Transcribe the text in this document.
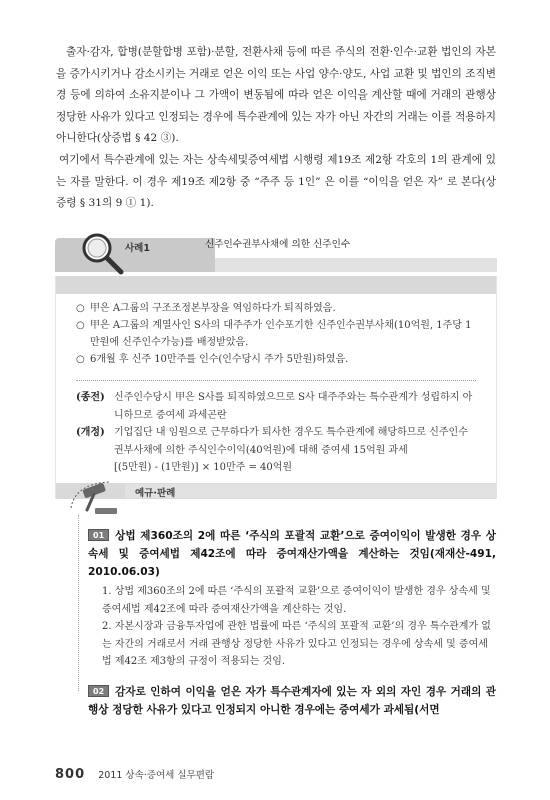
출자·감자, 합병(분할합병 포함)·분할, 전환사채 등에 따른 주식의 전환·인수·교환 법인의 자본을 증가시키거나 감소시키는 거래로 얻은 이익 또는 사업 양수·양도, 사업 교환 및 법인의 조직변경 등에 의하여 소유지분이나 그 가액이 변동됨에 따라 얻은 이익을 계산할 때에 거래의 관행상 정당한 사유가 있다고 인정되는 경우에 특수관계에 있는 자가 아닌 자간의 거래는 이를 적용하지 아니한다(상증법 § 42 ③).

여기에서 특수관계에 있는 자는 상속세및증여세법 시행령 제19조 제2항 각호의 1의 관계에 있는 자를 말한다. 이 경우 제19조 제2항 중 “주주 등 1인” 은 이를 “이익을 얻은 자” 로 본다(상증령 § 31의 9 ① 1).

사례1	신주인수권부사채에 의한 신주인수
○ 甲은 A그룹의 구조조정본부장을 역임하다가 퇴직하였음.
○ 甲은 A그룹의 계열사인 S사의 대주주가 인수포기한 신주인수권부사채(10억원, 1주당 1만원에 신주인수가능)를 배정받았음.
○ 6개월 후 신주 10만주를 인수(인수당시 주가 5만원)하였음.
(종전) 신주인수당시 甲은 S사를 퇴직하였으므로 S사 대주주와는 특수관계가 성립하지 아니하므로 증여세 과세곤란
(개정) 기업집단 내 임원으로 근무하다가 퇴사한 경우도 특수관계에 해당하므로 신주인수권부사채에 의한 주식인수이익(40억원)에 대해 증여세 15억원 과세
[(5만원) - (1만원)] × 10만주 = 40억원
예규·판례
01 상법 제360조의 2에 따른 ‘주식의 포괄적 교환’으로 증여이익이 발생한 경우 상속세 및 증여세법 제42조에 따라 증여재산가액을 계산하는 것임(재재산-491, 2010.06.03)
1. 상법 제360조의 2에 따른 ‘주식의 포괄적 교환’으로 증여이익이 발생한 경우 상속세 및 증여세법 제42조에 따라 증여재산가액을 계산하는 것임.
2. 자본시장과 금융투자업에 관한 법률에 따른 ‘주식의 포괄적 교환’의 경우 특수관계가 없는 자간의 거래로서 거래 관행상 정당한 사유가 있다고 인정되는 경우에 상속세 및 증여세법 제42조 제3항의 규정이 적용되는 것임.
02 감자로 인하여 이익을 얻은 자가 특수관계자에 있는 자 외의 자인 경우 거래의 관행상 정당한 사유가 있다고 인정되지 아니한 경우에는 증여세가 과세됨(서면
800 2011 상속·증여세 실무편람
